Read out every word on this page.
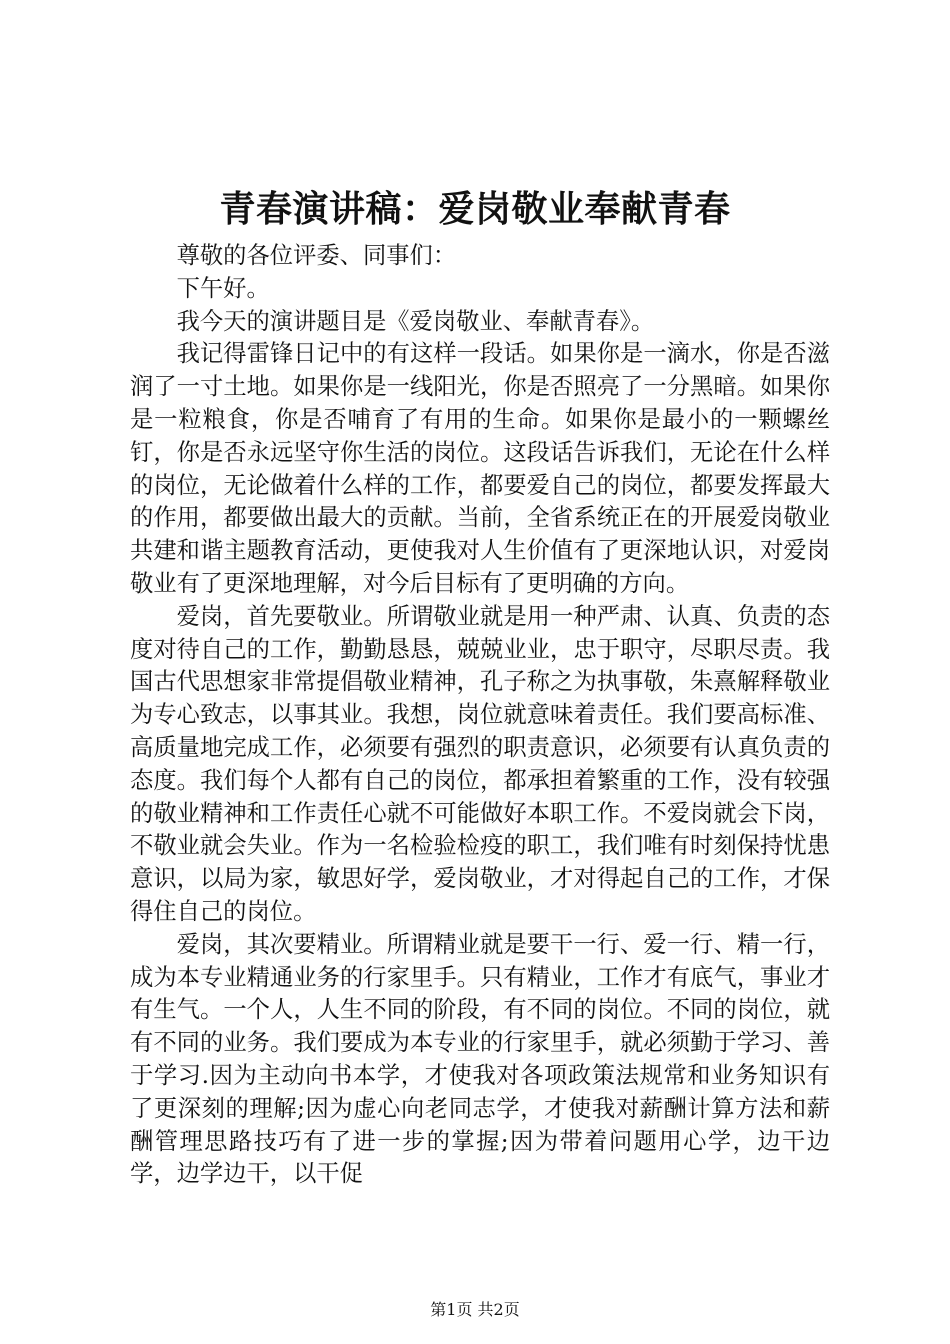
青春演讲稿：爱岗敬业奉献青春

尊敬的各位评委、同事们：

下午好。

我今天的演讲题目是《爱岗敬业、奉献青春》。

我记得雷锋日记中的有这样一段话。如果你是一滴水，你是否滋润了一寸土地。如果你是一线阳光，你是否照亮了一分黑暗。如果你是一粒粮食，你是否哺育了有用的生命。如果你是最小的一颗螺丝钉，你是否永远坚守你生活的岗位。这段话告诉我们，无论在什么样的岗位，无论做着什么样的工作，都要爱自己的岗位，都要发挥最大的作用，都要做出最大的贡献。当前，全省系统正在的开展爱岗敬业共建和谐主题教育活动，更使我对人生价值有了更深地认识，对爱岗敬业有了更深地理解，对今后目标有了更明确的方向。

爱岗，首先要敬业。所谓敬业就是用一种严肃、认真、负责的态度对待自己的工作，勤勤恳恳，兢兢业业，忠于职守，尽职尽责。我国古代思想家非常提倡敬业精神，孔子称之为执事敬，朱熹解释敬业为专心致志，以事其业。我想，岗位就意味着责任。我们要高标准、高质量地完成工作，必须要有强烈的职责意识，必须要有认真负责的态度。我们每个人都有自己的岗位，都承担着繁重的工作，没有较强的敬业精神和工作责任心就不可能做好本职工作。不爱岗就会下岗，不敬业就会失业。作为一名检验检疫的职工，我们唯有时刻保持忧患意识，以局为家，敏思好学，爱岗敬业，才对得起自己的工作，才保得住自己的岗位。

爱岗，其次要精业。所谓精业就是要干一行、爱一行、精一行，成为本专业精通业务的行家里手。只有精业，工作才有底气，事业才有生气。一个人，人生不同的阶段，有不同的岗位。不同的岗位，就有不同的业务。我们要成为本专业的行家里手，就必须勤于学习、善于学习.因为主动向书本学，才使我对各项政策法规常和业务知识有了更深刻的理解;因为虚心向老同志学，才使我对薪酬计算方法和薪酬管理思路技巧有了进一步的掌握;因为带着问题用心学，边干边学，边学边干，以干促

第1页 共2页
